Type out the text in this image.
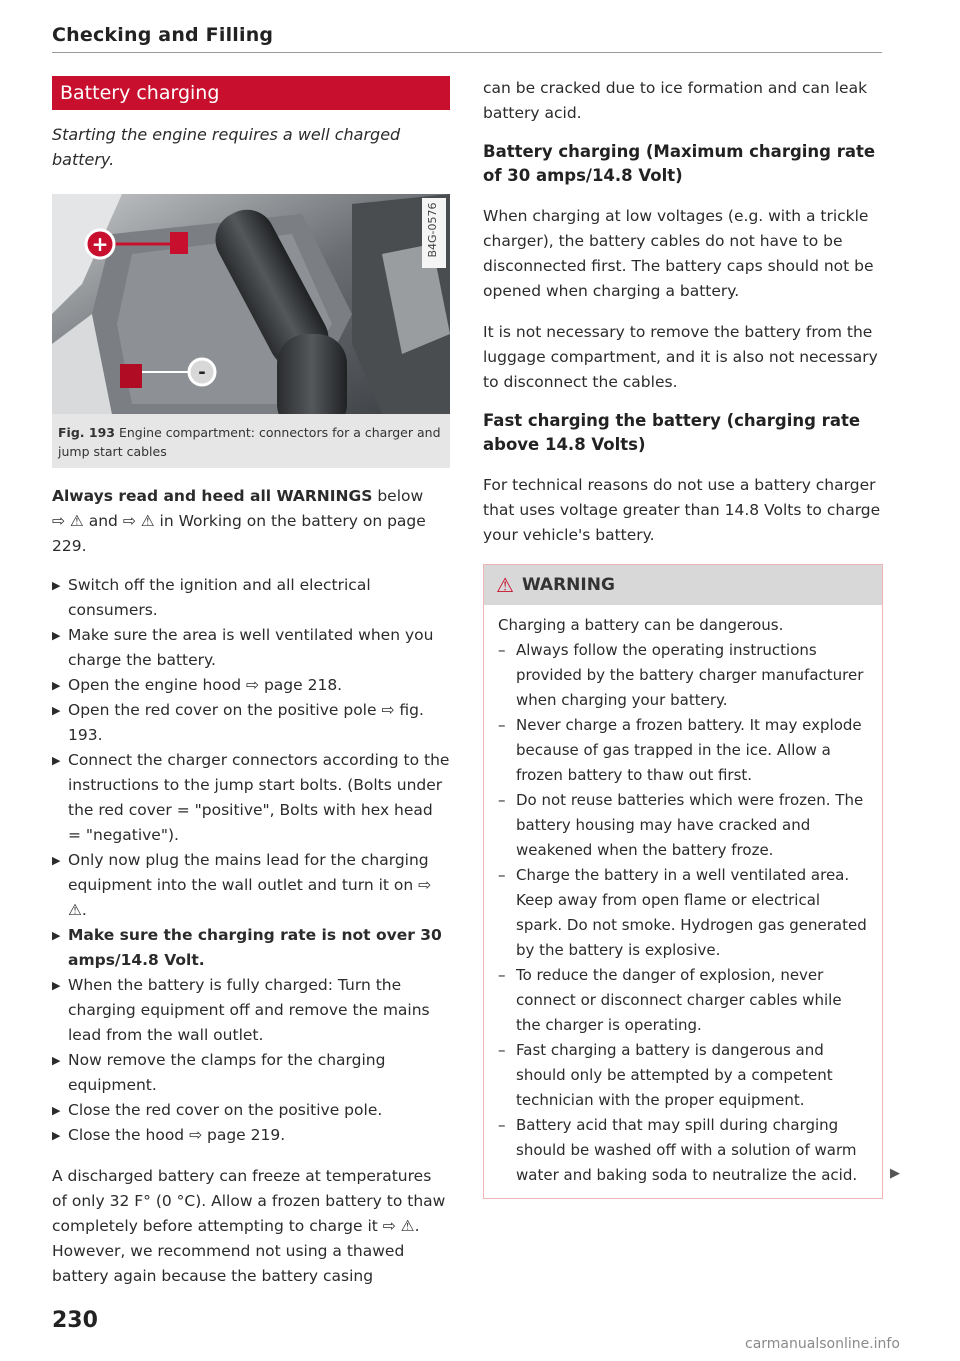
Checking and Filling
Battery charging
Starting the engine requires a well charged battery.
B4G-0576
+
-
Fig. 193 Engine compartment: connectors for a charger and jump start cables

Always read and heed all WARNINGS below
⇨ ⚠ and ⇨ ⚠ in Working on the battery on page 229.

▶ Switch off the ignition and all electrical consumers.
▶ Make sure the area is well ventilated when you charge the battery.
▶ Open the engine hood ⇨ page 218.
▶ Open the red cover on the positive pole ⇨ fig. 193.
▶ Connect the charger connectors according to the instructions to the jump start bolts. (Bolts under the red cover = "positive", Bolts with hex head = "negative").
▶ Only now plug the mains lead for the charging equipment into the wall outlet and turn it on ⇨ ⚠.
▶ Make sure the charging rate is not over 30 amps/14.8 Volt.
▶ When the battery is fully charged: Turn the charging equipment off and remove the mains lead from the wall outlet.
▶ Now remove the clamps for the charging equipment.
▶ Close the red cover on the positive pole.
▶ Close the hood ⇨ page 219.

A discharged battery can freeze at temperatures of only 32 F° (0 °C). Allow a frozen battery to thaw completely before attempting to charge it ⇨ ⚠. However, we recommend not using a thawed battery again because the battery casing

can be cracked due to ice formation and can leak battery acid.

Battery charging (Maximum charging rate of 30 amps/14.8 Volt)

When charging at low voltages (e.g. with a trickle charger), the battery cables do not have to be disconnected first. The battery caps should not be opened when charging a battery.

It is not necessary to remove the battery from the luggage compartment, and it is also not necessary to disconnect the cables.

Fast charging the battery (charging rate above 14.8 Volts)

For technical reasons do not use a battery charger that uses voltage greater than 14.8 Volts to charge your vehicle's battery.

⚠ WARNING

Charging a battery can be dangerous.

– Always follow the operating instructions provided by the battery charger manufacturer when charging your battery.
– Never charge a frozen battery. It may explode because of gas trapped in the ice. Allow a frozen battery to thaw out first.
– Do not reuse batteries which were frozen. The battery housing may have cracked and weakened when the battery froze.
– Charge the battery in a well ventilated area. Keep away from open flame or electrical spark. Do not smoke. Hydrogen gas generated by the battery is explosive.
– To reduce the danger of explosion, never connect or disconnect charger cables while the charger is operating.
– Fast charging a battery is dangerous and should only be attempted by a competent technician with the proper equipment.
– Battery acid that may spill during charging should be washed off with a solution of warm water and baking soda to neutralize the acid.	▶
230
carmanualsonline.info
